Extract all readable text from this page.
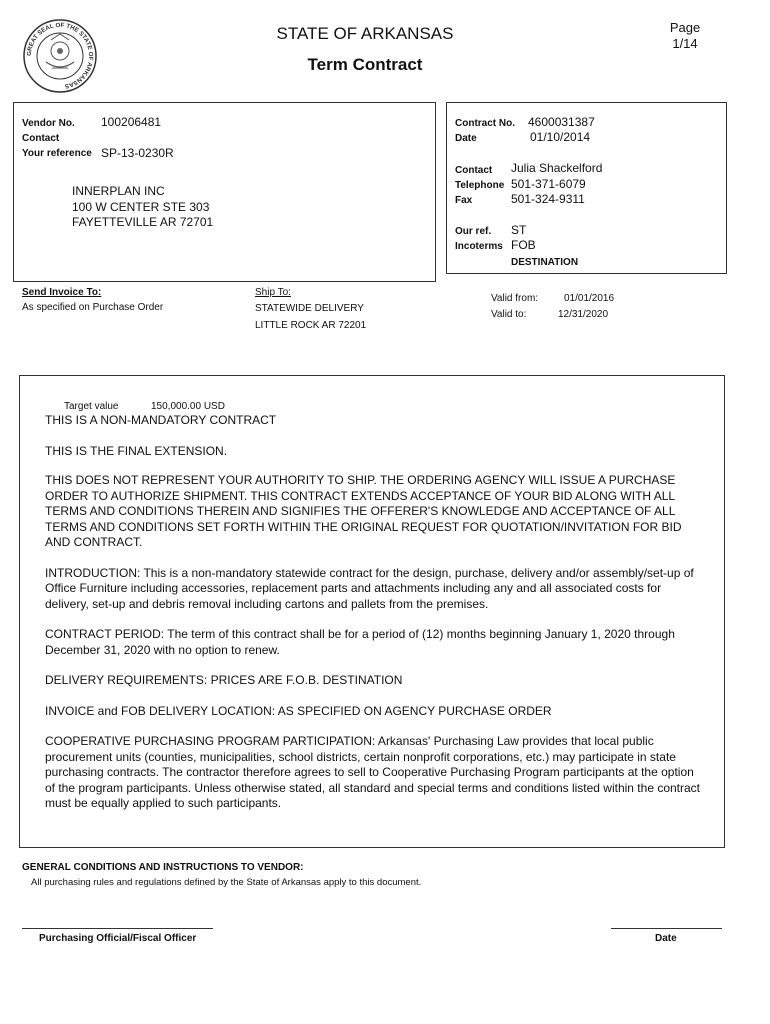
GREAT SEAL OF THE STATE OF ARKANSAS
STATE OF ARKANSAS
Term Contract
Page
1/14
Vendor No. 100206481
Contact
Your reference SP-13-0230R
INNERPLAN INC
100 W CENTER STE 303
FAYETTEVILLE AR 72701
Contract No. 4600031387
Date	01/10/2014
Contact Julia Shackelford
Telephone 501-371-6079
Fax	501-324-9311
Our ref. ST
Incoterms FOB
DESTINATION
Send Invoice To:
As specified on Purchase Order
Ship To:
STATEWIDE DELIVERY
LITTLE ROCK AR 72201
Valid from:	01/01/2016
Valid to:	12/31/2020
Target value	150,000.00 USD

THIS IS A NON-MANDATORY CONTRACT

THIS IS THE FINAL EXTENSION.

THIS DOES NOT REPRESENT YOUR AUTHORITY TO SHIP. THE ORDERING AGENCY WILL ISSUE A PURCHASE ORDER TO AUTHORIZE SHIPMENT. THIS CONTRACT EXTENDS ACCEPTANCE OF YOUR BID ALONG WITH ALL TERMS AND CONDITIONS THEREIN AND SIGNIFIES THE OFFERER'S KNOWLEDGE AND ACCEPTANCE OF ALL TERMS AND CONDITIONS SET FORTH WITHIN THE ORIGINAL REQUEST FOR QUOTATION/INVITATION FOR BID AND CONTRACT.

INTRODUCTION: This is a non-mandatory statewide contract for the design, purchase, delivery and/or assembly/set-up of Office Furniture including accessories, replacement parts and attachments including any and all associated costs for delivery, set-up and debris removal including cartons and pallets from the premises.

CONTRACT PERIOD: The term of this contract shall be for a period of (12) months beginning January 1, 2020 through December 31, 2020 with no option to renew.

DELIVERY REQUIREMENTS: PRICES ARE F.O.B. DESTINATION

INVOICE and FOB DELIVERY LOCATION: AS SPECIFIED ON AGENCY PURCHASE ORDER

COOPERATIVE PURCHASING PROGRAM PARTICIPATION: Arkansas' Purchasing Law provides that local public procurement units (counties, municipalities, school districts, certain nonprofit corporations, etc.) may participate in state purchasing contracts. The contractor therefore agrees to sell to Cooperative Purchasing Program participants at the option of the program participants. Unless otherwise stated, all standard and special terms and conditions listed within the contract must be equally applied to such participants.

GENERAL CONDITIONS AND INSTRUCTIONS TO VENDOR:
All purchasing rules and regulations defined by the State of Arkansas apply to this document.
Purchasing Official/Fiscal Officer	Date
